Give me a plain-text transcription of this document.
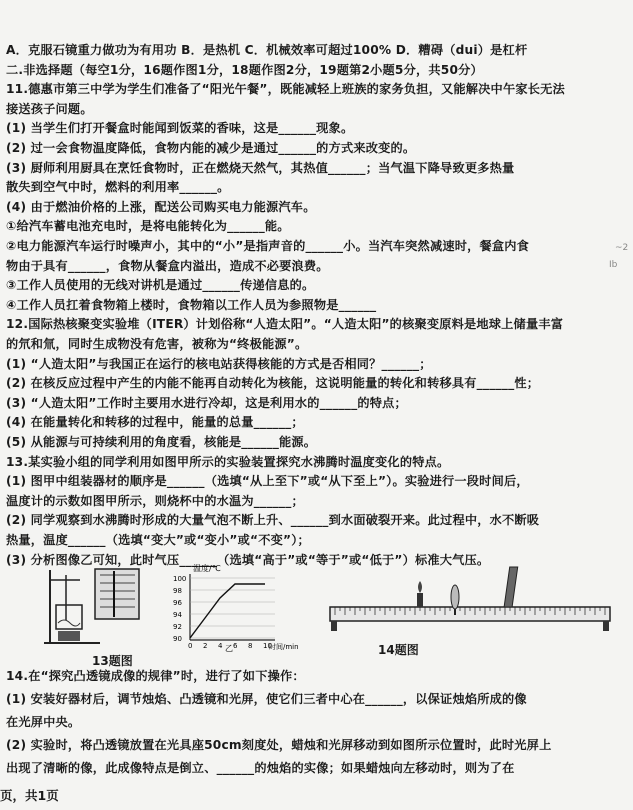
A．克服石镜重力做功为有用功 B．是热机 C．机械效率可超过100% D．糟碍（dui）是杠杆
二.非选择题（每空1分，16题作图1分，18题作图2分，19题第2小题5分，共50分）
11.德惠市第三中学为学生们准备了“阳光午餐”，既能减轻上班族的家务负担，又能解决中午家长无法
接送孩子问题。
(1) 当学生们打开餐盒时能闻到饭菜的香味，这是______现象。
(2) 过一会食物温度降低，食物内能的减少是通过______的方式来改变的。
(3) 厨师利用厨具在烹饪食物时，正在燃烧天然气，其热值______；当气温下降导致更多热量
散失到空气中时，燃料的利用率______。
(4) 由于燃油价格的上涨，配送公司购买电力能源汽车。
①给汽车蓄电池充电时，是将电能转化为______能。
②电力能源汽车运行时噪声小，其中的“小”是指声音的______小。当汽车突然减速时，餐盒内食
物由于具有______，食物从餐盒内溢出，造成不必要浪费。
③工作人员使用的无线对讲机是通过______传递信息的。
④工作人员扛着食物箱上楼时，食物箱以工作人员为参照物是______
12.国际热核聚变实验堆（ITER）计划俗称“人造太阳”。“人造太阳”的核聚变原料是地球上储量丰富
的氘和氚，同时生成物没有危害，被称为“终极能源”。
(1) “人造太阳”与我国正在运行的核电站获得核能的方式是否相同？______；
(2) 在核反应过程中产生的内能不能再自动转化为核能，这说明能量的转化和转移具有______性；
(3) “人造太阳”工作时主要用水进行冷却，这是利用水的______的特点；
(4) 在能量转化和转移的过程中，能量的总量______；
(5) 从能源与可持续利用的角度看，核能是______能源。
13.某实验小组的同学利用如图甲所示的实验装置探究水沸腾时温度变化的特点。
(1) 图甲中组装器材的顺序是______（选填“从上至下”或“从下至上”）。实验进行一段时间后，
温度计的示数如图甲所示，则烧杯中的水温为______；
(2) 同学观察到水沸腾时形成的大量气泡不断上升、______到水面破裂开来。此过程中，水不断吸
热量，温度______（选填“变大”或“变小”或“不变”）；
(3) 分析图像乙可知，此时气压______（选填“高于”或“等于”或“低于”）标准大气压。
13题图
温度/℃
100
98
96
94
92
90
0 2 4 6 8 10
时间/min
乙	14题图
14.在“探究凸透镜成像的规律”时，进行了如下操作：
(1) 安装好器材后，调节烛焰、凸透镜和光屏，使它们三者中心在______，以保证烛焰所成的像
在光屏中央。
(2) 实验时，将凸透镜放置在光具座50cm刻度处，蜡烛和光屏移动到如图所示位置时，此时光屏上
出现了清晰的像，此成像特点是倒立、______的烛焰的实像；如果蜡烛向左移动时，则为了在
页，共1页
~2
Ib
